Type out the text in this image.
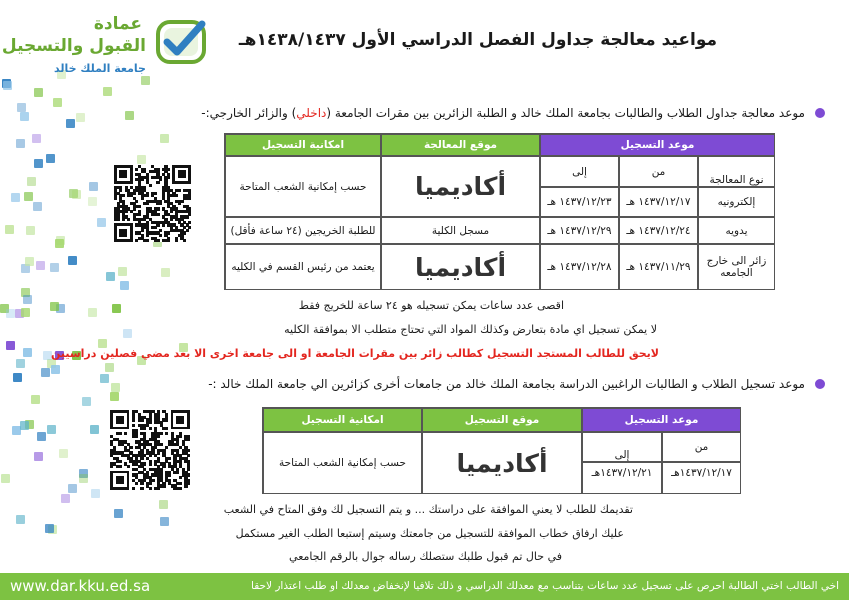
عمادة
القبول والتسجيل
جامعة الملك خالد
مواعيد معالجة جداول الفصل الدراسي الأول ١٤٣٨/١٤٣٧هـ
موعد معالجة جداول الطلاب والطالبات بجامعة الملك خالد و الطلبة الزائرين بين مقرات الجامعة (داخلي) والزائر الخارجي:-
موعد التسجيل
موقع المعالجة
امكانية التسجيل
نوع المعالجة
من
إلى
إلكترونيه
١٤٣٧/١٢/١٧ هـ
١٤٣٧/١٢/٢٣ هـ
أكاديميا
حسب إمكانية الشعب المتاحة
يدويه
١٤٣٧/١٢/٢٤ هـ
١٤٣٧/١٢/٢٩ هـ
مسجل الكلية
للطلبة الخريجين (٢٤ ساعة فأقل)
زائر الى خارج الجامعه
١٤٣٧/١١/٢٩ هـ
١٤٣٧/١٢/٢٨ هـ
أكاديميا
يعتمد من رئيس القسم في الكليه
اقصى عدد ساعات يمكن تسجيله هو ٢٤ ساعة للخريج فقط
لا يمكن تسجيل اي مادة بتعارض وكذلك المواد التي تحتاج متطلب الا بموافقة الكليه
لايحق للطالب المستجد التسجيل كطالب زائر بين مقرات الجامعة او الى جامعة اخرى الا بعد مضي فصلين دراسيين
موعد تسجيل الطلاب و الطالبات الراغبين الدراسة بجامعة الملك خالد من جامعات أخرى كزائرين الي جامعة الملك خالد :-
موعد التسجيل
موقع التسجيل
امكانية التسجيل
من
إلى
١٤٣٧/١٢/١٧هـ
١٤٣٧/١٢/٢١هـ
أكاديميا
حسب إمكانية الشعب المتاحة
تقديمك للطلب لا يعني الموافقة على دراستك ... و يتم التسجيل لك وفق المتاح في الشعب
عليك ارفاق خطاب الموافقة للتسجيل من جامعتك وسيتم إستبعا الطلب الغير مستكمل
في حال تم قبول طلبك ستصلك رساله جوال بالرقم الجامعي
www.dar.kku.ed.sa	اخي الطالب اختي الطالبة احرص على تسجيل عدد ساعات يتناسب مع معدلك الدراسي و ذلك تلافيا لإنخفاض معدلك او طلب اعتذار لاحقا
